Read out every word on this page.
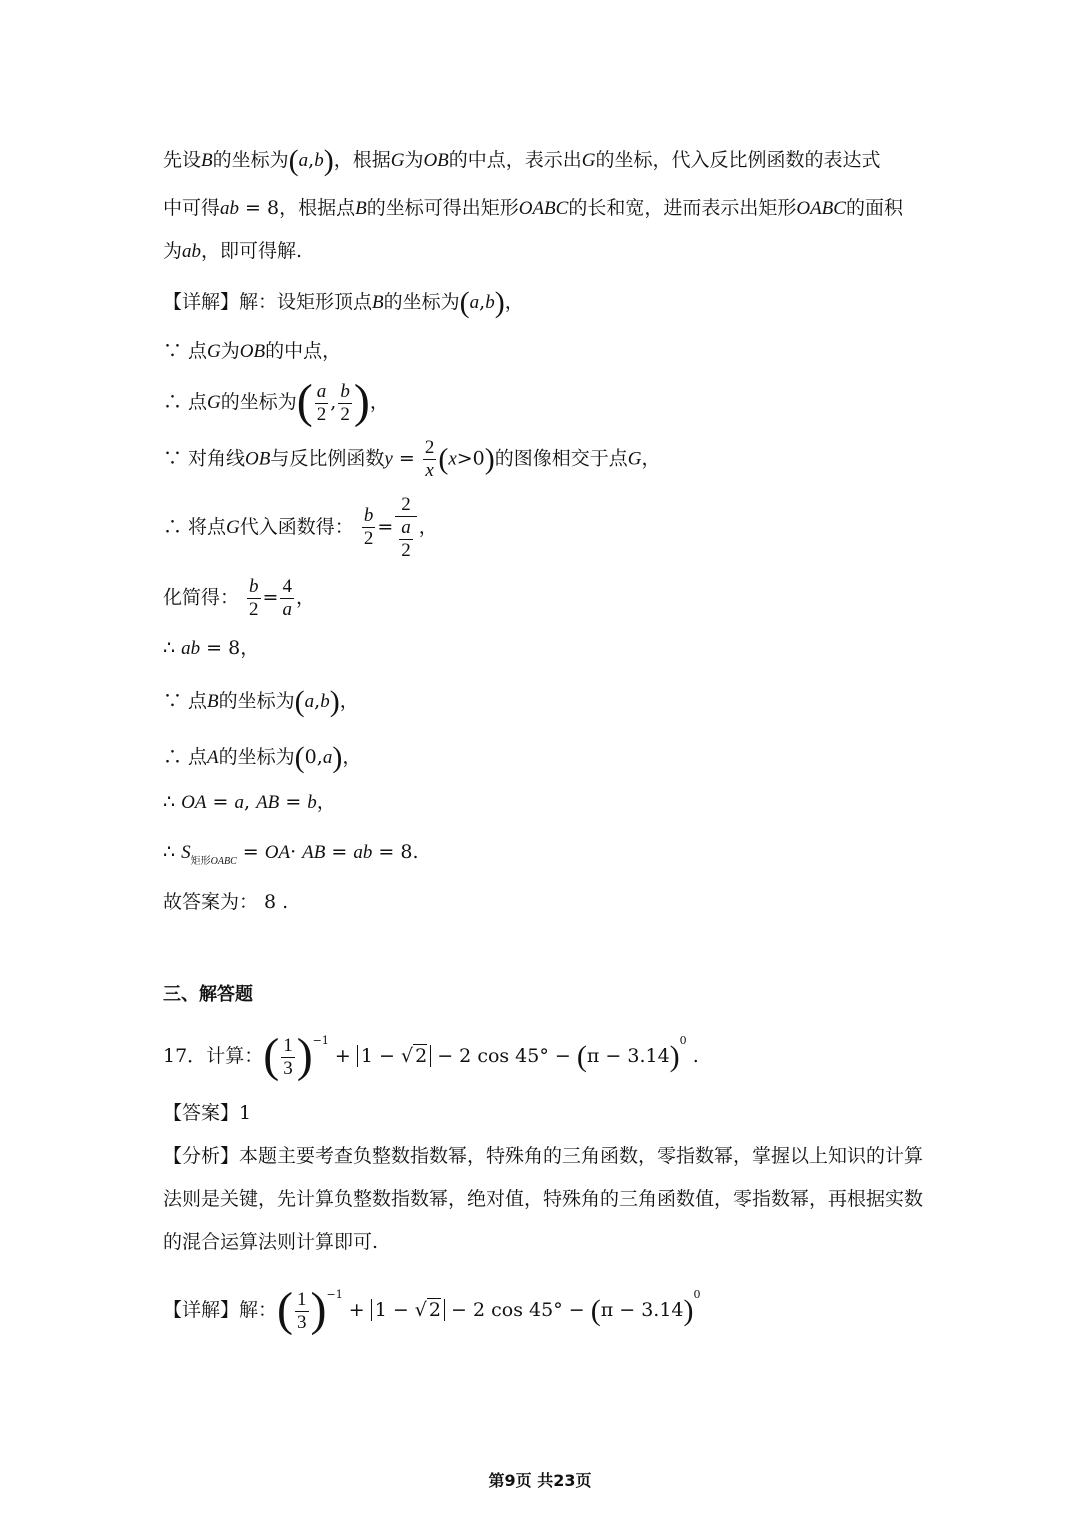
先设B的坐标为(a,b)，根据G为OB的中点，表示出G的坐标，代入反比例函数的表达式
中可得ab = 8，根据点B的坐标可得出矩形OABC的长和宽，进而表示出矩形OABC的面积
为ab，即可得解.
【详解】解：设矩形顶点B的坐标为(a,b)，
∵ 点G为OB的中点，
∴ 点G的坐标为( $\frac{a}{2}$ , $\frac{b}{2}$ )，
∵ 对角线OB与反比例函数$y = \frac{2}{x} (x>0)$的图像相交于点G，
∴ 将点G代入函数得： $\frac{b}{2} = \frac{2}{\frac{a}{2}}$ ，
化简得： $\frac{b}{2} = \frac{4}{a}$ ，
∴ ab = 8，
∵ 点B的坐标为(a,b)，
∴ 点A的坐标为(0,a)，
∴ OA = a, AB = b，
∴ $S_{矩形OABC} = OA\cdot$ AB = ab = 8.
故答案为： 8 .
三、解答题
17．计算：( $\frac{1}{3} )^{-1} + 1$ − √ 2 − 2 $\cos 45^\circ - (\pi - 3.14)^0$ .
【答案】1
【分析】本题主要考查负整数指数幂，特殊角的三角函数，零指数幂，掌握以上知识的计算
法则是关键，先计算负整数指数幂，绝对值，特殊角的三角函数值，零指数幂，再根据实数
的混合运算法则计算即可.
【详解】解：( $\frac{1}{3} )^{-1} + 1$ − √ 2 − 2 $\cos 45^\circ - (\pi - 3.14)^0$
第9页 共23页
